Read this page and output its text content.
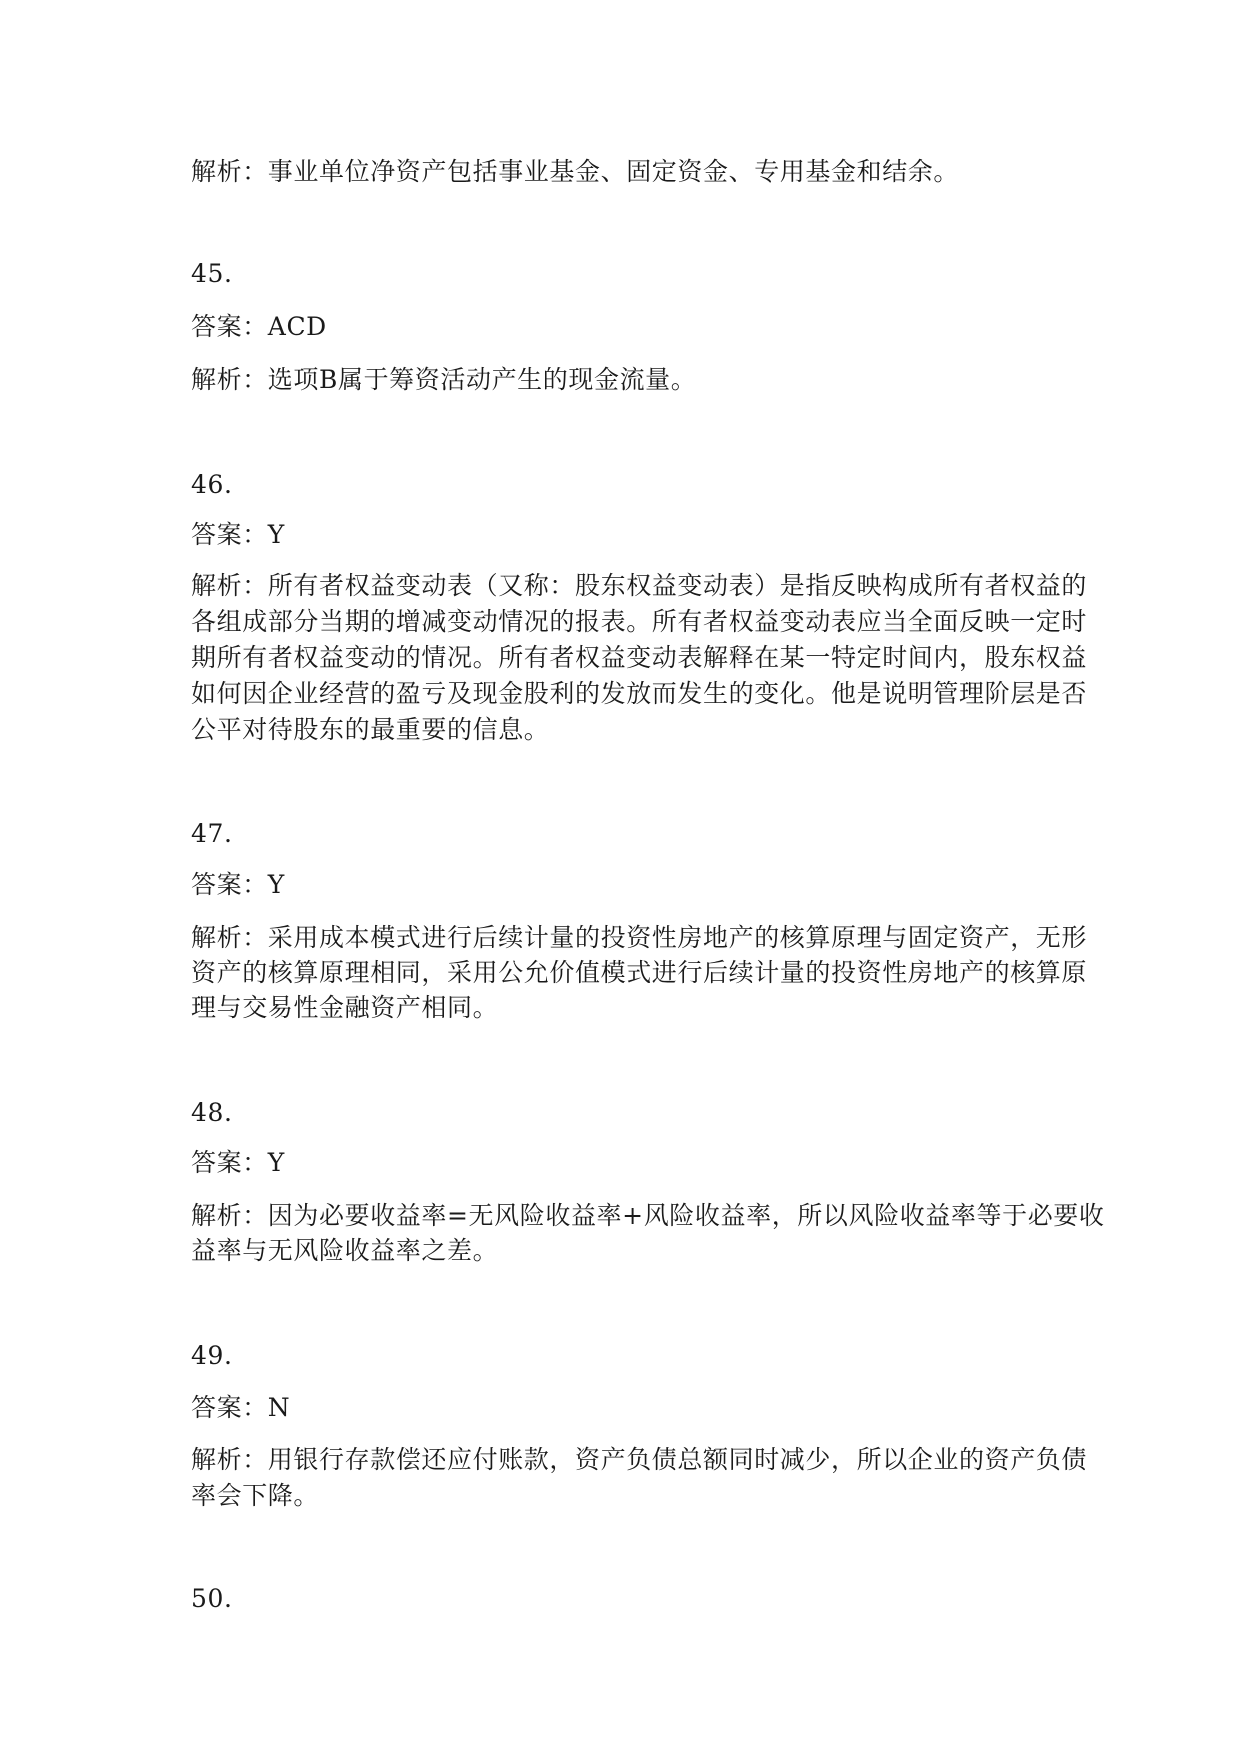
解析：事业单位净资产包括事业基金、固定资金、专用基金和结余。
45.
答案：ACD
解析：选项B属于筹资活动产生的现金流量。
46.
答案：Y
解析：所有者权益变动表（又称：股东权益变动表）是指反映构成所有者权益的
各组成部分当期的增减变动情况的报表。所有者权益变动表应当全面反映一定时
期所有者权益变动的情况。所有者权益变动表解释在某一特定时间内，股东权益
如何因企业经营的盈亏及现金股利的发放而发生的变化。他是说明管理阶层是否
公平对待股东的最重要的信息。
47.
答案：Y
解析：采用成本模式进行后续计量的投资性房地产的核算原理与固定资产，无形
资产的核算原理相同，采用公允价值模式进行后续计量的投资性房地产的核算原
理与交易性金融资产相同。
48.
答案：Y
解析：因为必要收益率=无风险收益率+风险收益率，所以风险收益率等于必要收
益率与无风险收益率之差。
49.
答案：N
解析：用银行存款偿还应付账款，资产负债总额同时减少，所以企业的资产负债
率会下降。
50.
